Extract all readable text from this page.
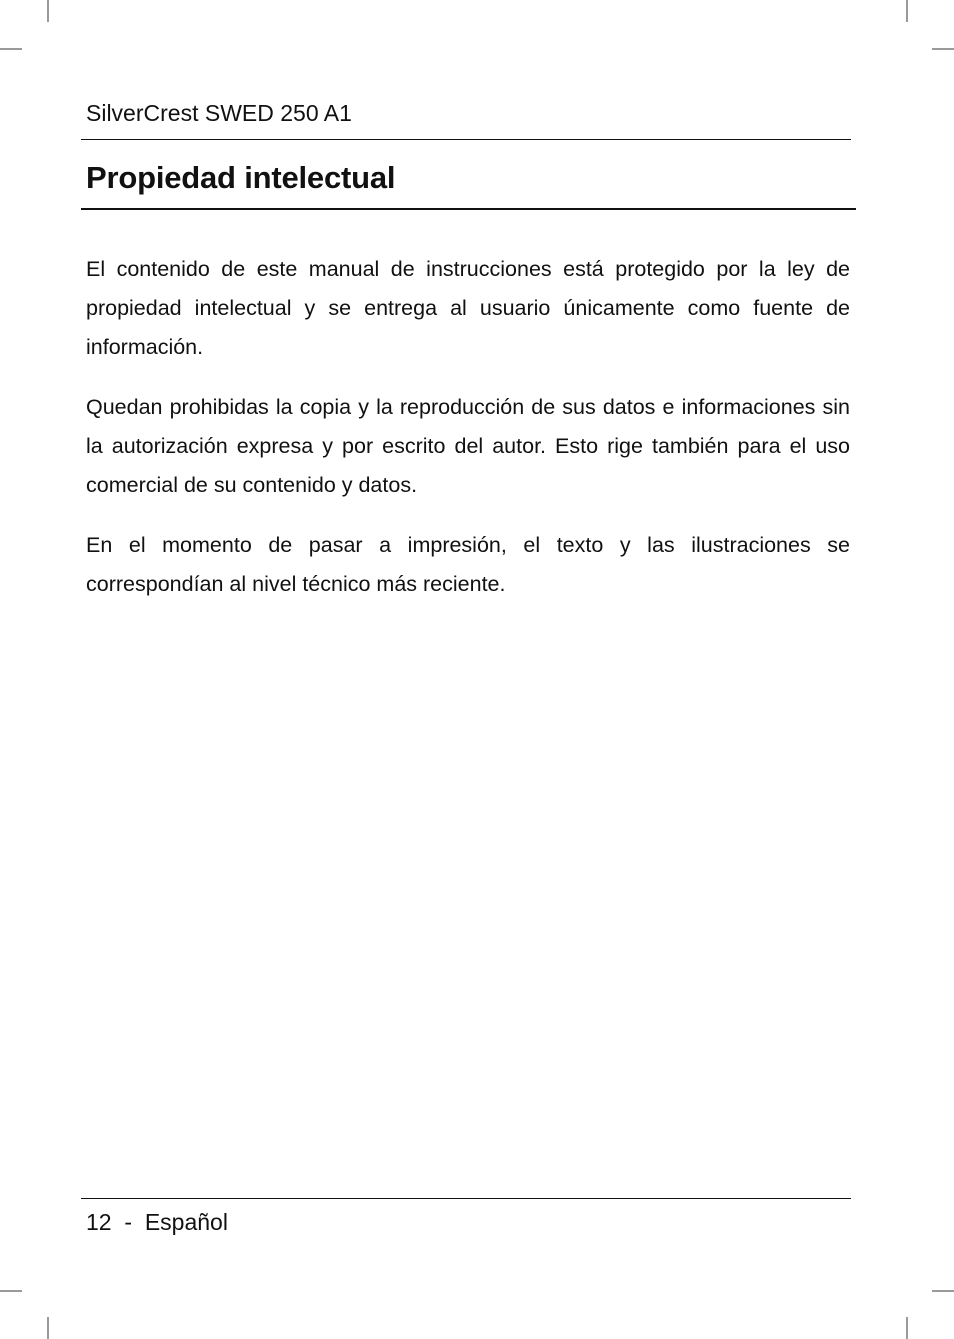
SilverCrest SWED 250 A1
Propiedad intelectual

El contenido de este manual de instrucciones está protegido por la ley de propiedad intelectual y se entrega al usuario únicamente como fuente de información.

Quedan prohibidas la copia y la reproducción de sus datos e informaciones sin la autorización expresa y por escrito del autor. Esto rige también para el uso comercial de su contenido y datos.

En el momento de pasar a impresión, el texto y las ilustraciones se correspondían al nivel técnico más reciente.

12 - Español
